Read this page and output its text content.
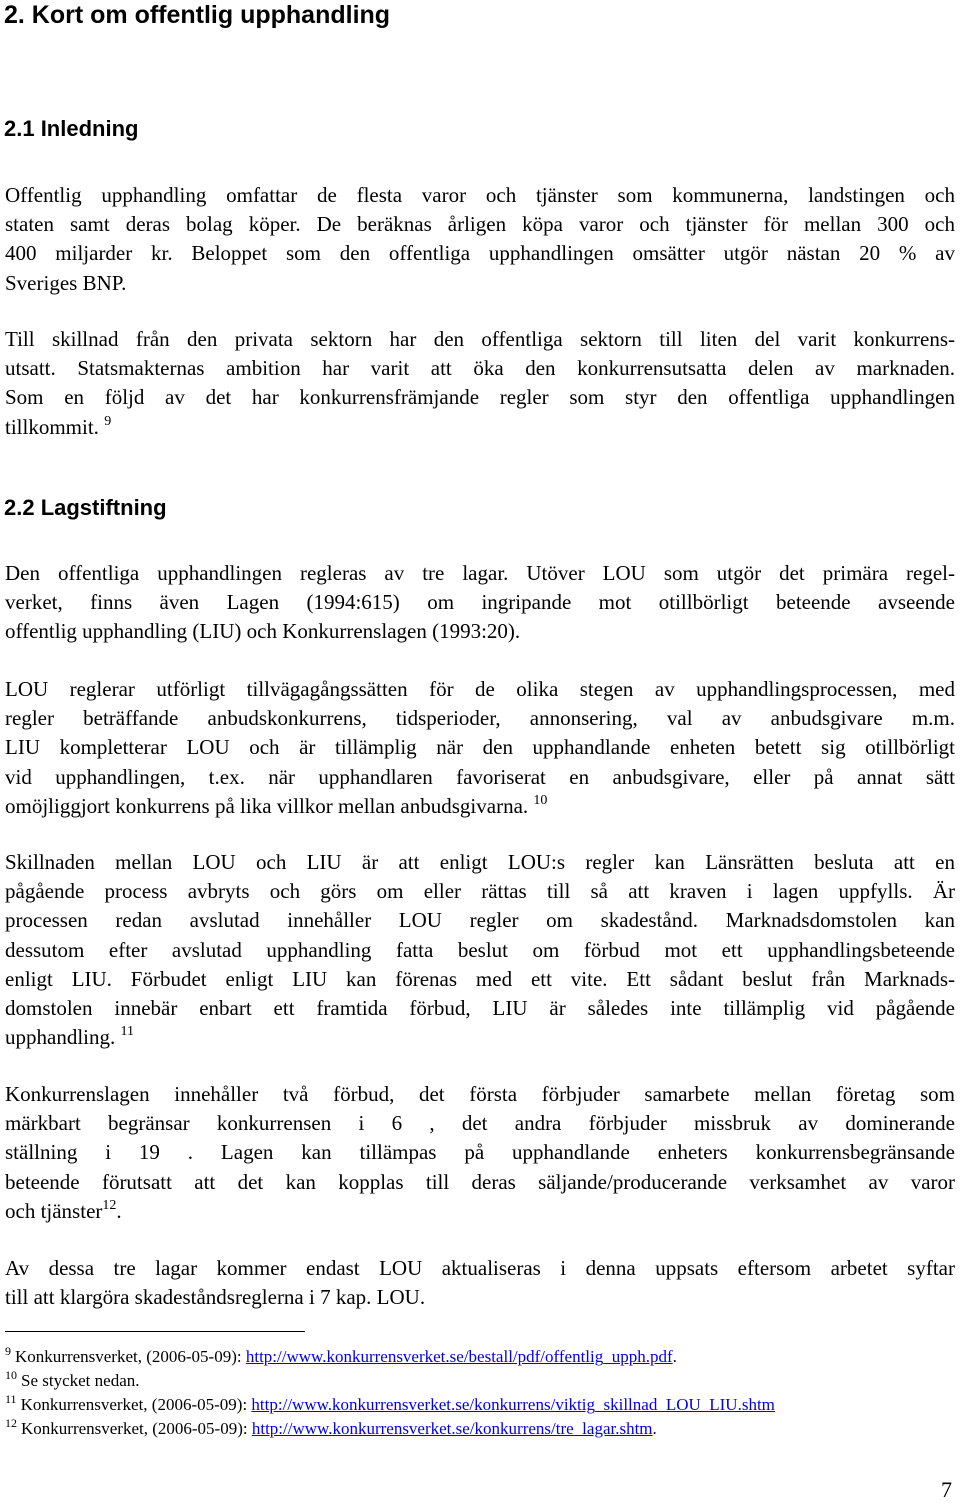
2. Kort om offentlig upphandling
2.1 Inledning
Offentlig upphandling omfattar de flesta varor och tjänster som kommunerna, landstingen och
staten samt deras bolag köper. De beräknas årligen köpa varor och tjänster för mellan 300 och
400 miljarder kr. Beloppet som den offentliga upphandlingen omsätter utgör nästan 20 % av
Sveriges BNP.
Till skillnad från den privata sektorn har den offentliga sektorn till liten del varit konkurrens-
utsatt. Statsmakternas ambition har varit att öka den konkurrensutsatta delen av marknaden.
Som en följd av det har konkurrensfrämjande regler som styr den offentliga upphandlingen
tillkommit. $^9$
2.2 Lagstiftning
Den offentliga upphandlingen regleras av tre lagar. Utöver LOU som utgör det primära regel-
verket, finns även Lagen (1994:615) om ingripande mot otillbörligt beteende avseende
offentlig upphandling (LIU) och Konkurrenslagen (1993:20).
LOU reglerar utförligt tillvägagångssätten för de olika stegen av upphandlingsprocessen, med
regler beträffande anbudskonkurrens, tidsperioder, annonsering, val av anbudsgivare m.m.
LIU kompletterar LOU och är tillämplig när den upphandlande enheten betett sig otillbörligt
vid upphandlingen, t.ex. när upphandlaren favoriserat en anbudsgivare, eller på annat sätt
omöjliggjort konkurrens på lika villkor mellan anbudsgivarna. $^{10}$
Skillnaden mellan LOU och LIU är att enligt LOU:s regler kan Länsrätten besluta att en
pågående process avbryts och görs om eller rättas till så att kraven i lagen uppfylls. Är
processen redan avslutad innehåller LOU regler om skadestånd. Marknadsdomstolen kan
dessutom efter avslutad upphandling fatta beslut om förbud mot ett upphandlingsbeteende
enligt LIU. Förbudet enligt LIU kan förenas med ett vite. Ett sådant beslut från Marknads-
domstolen innebär enbart ett framtida förbud, LIU är således inte tillämplig vid pågående
upphandling. $^{11}$
Konkurrenslagen innehåller två förbud, det första förbjuder samarbete mellan företag som
märkbart begränsar konkurrensen i 6 , det andra förbjuder missbruk av dominerande
ställning i 19 . Lagen kan tillämpas på upphandlande enheters konkurrensbegränsande
beteende förutsatt att det kan kopplas till deras säljande/producerande verksamhet av varor
och tjänster$^{12}$.
Av dessa tre lagar kommer endast LOU aktualiseras i denna uppsats eftersom arbetet syftar
till att klargöra skadeståndsreglerna i 7 kap. LOU.
$^9$ Konkurrensverket, (2006-05-09): http://www.konkurrensverket.se/bestall/pdf/offentlig_upph.pdf.
$^{10}$ Se stycket nedan.
$^{11}$ Konkurrensverket, (2006-05-09): http://www.konkurrensverket.se/konkurrens/viktig_skillnad_LOU_LIU.shtm
$^{12}$ Konkurrensverket, (2006-05-09): http://www.konkurrensverket.se/konkurrens/tre_lagar.shtm.
7
